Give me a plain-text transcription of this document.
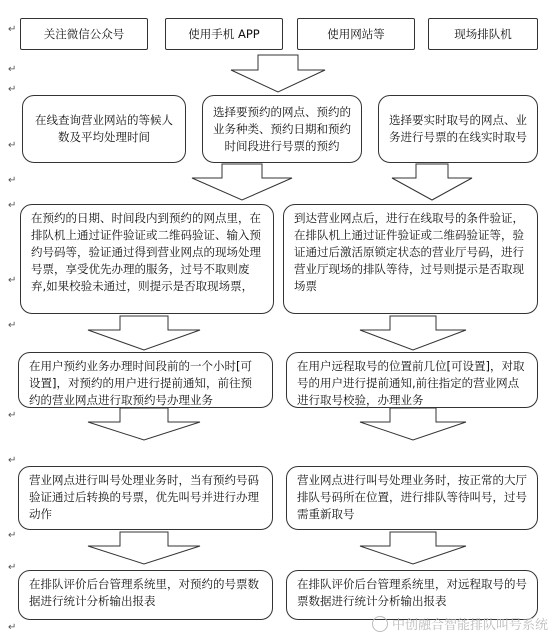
↵
↵
↵
↵
↵
↵
↵
↵
↵
↵
↵
↵
↵
关注微信公众号	使用手机 APP	使用网站等	现场排队机
在线查询营业网站的等候人数及平均处理时间
选择要预约的网点、预约的业务种类、预约日期和预约时间段进行号票的预约
选择要实时取号的网点、业务进行号票的在线实时取号
在预约的日期、时间段内到预约的网点里，在排队机上通过证件验证或二维码验证、输入预约号码等，验证通过得到营业网点的现场处理号票，享受优先办理的服务，过号不取则废弃,如果校验未通过，则提示是否取现场票，
到达营业网点后，进行在线取号的条件验证，在排队机上通过证件验证或二维码验证等，验证通过后激活原锁定状态的营业厅号码，进行营业厅现场的排队等待，过号则提示是否取现场票
在用户预约业务办理时间段前的一个小时[可设置]，对预约的用户进行提前通知，前往预约的营业网点进行取预约号办理业务
在用户远程取号的位置前几位[可设置]，对取号的用户进行提前通知,前往指定的营业网点进行取号校验，办理业务
营业网点进行叫号处理业务时，当有预约号码验证通过后转换的号票，优先叫号并进行办理动作
营业网点进行叫号处理业务时，按正常的大厅排队号码所在位置，进行排队等待叫号，过号需重新取号
在排队评价后台管理系统里，对预约的号票数据进行统计分析输出报表
在排队评价后台管理系统里，对远程取号的号票数据进行统计分析输出报表
中创融合智能排队叫号系统
